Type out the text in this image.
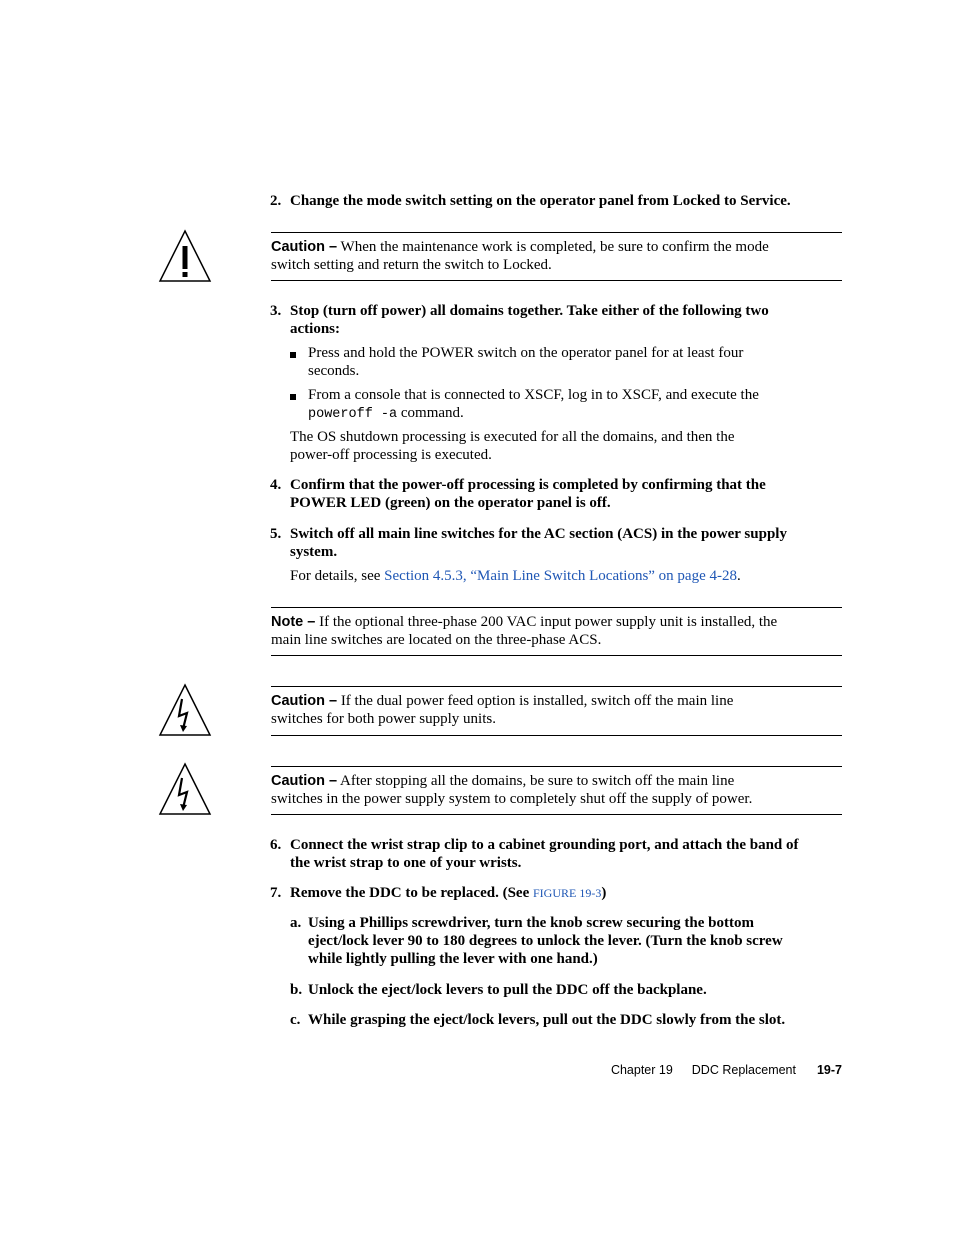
2. Change the mode switch setting on the operator panel from Locked to Service.
Caution – When the maintenance work is completed, be sure to confirm the mode
switch setting and return the switch to Locked.
3. Stop (turn off power) all domains together. Take either of the following two
actions:
Press and hold the POWER switch on the operator panel for at least four
seconds.
From a console that is connected to XSCF, log in to XSCF, and execute the
poweroff -a command.
The OS shutdown processing is executed for all the domains, and then the
power-off processing is executed.
4. Confirm that the power-off processing is completed by confirming that the
POWER LED (green) on the operator panel is off.
5. Switch off all main line switches for the AC section (ACS) in the power supply
system.
For details, see Section 4.5.3, “Main Line Switch Locations” on page 4-28.
Note – If the optional three-phase 200 VAC input power supply unit is installed, the
main line switches are located on the three-phase ACS.
Caution – If the dual power feed option is installed, switch off the main line
switches for both power supply units.
Caution – After stopping all the domains, be sure to switch off the main line
switches in the power supply system to completely shut off the supply of power.
6. Connect the wrist strap clip to a cabinet grounding port, and attach the band of
the wrist strap to one of your wrists.
7. Remove the DDC to be replaced. (See FIGURE 19-3)
a. Using a Phillips screwdriver, turn the knob screw securing the bottom
eject/lock lever 90 to 180 degrees to unlock the lever. (Turn the knob screw
while lightly pulling the lever with one hand.)
b. Unlock the eject/lock levers to pull the DDC off the backplane.
c. While grasping the eject/lock levers, pull out the DDC slowly from the slot.
Chapter 19 DDC Replacement 19-7
